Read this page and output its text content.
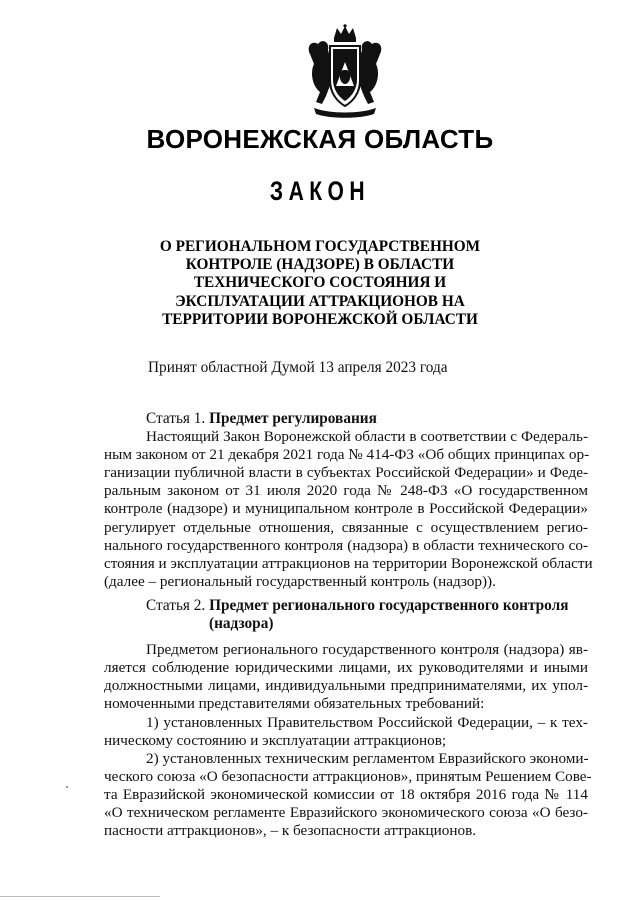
ВОРОНЕЖСКАЯ ОБЛАСТЬ
ЗАКОН
О РЕГИОНАЛЬНОМ ГОСУДАРСТВЕННОМ
КОНТРОЛЕ (НАДЗОРЕ) В ОБЛАСТИ
ТЕХНИЧЕСКОГО СОСТОЯНИЯ И
ЭКСПЛУАТАЦИИ АТТРАКЦИОНОВ НА
ТЕРРИТОРИИ ВОРОНЕЖСКОЙ ОБЛАСТИ
Принят областной Думой 13 апреля 2023 года
Статья 1. Предмет регулирования
Настоящий Закон Воронежской области в соответствии с Федераль-
ным законом от 21 декабря 2021 года № 414-ФЗ «Об общих принципах ор-
ганизации публичной власти в субъектах Российской Федерации» и Феде-
ральным законом от 31 июля 2020 года № 248-ФЗ «О государственном
контроле (надзоре) и муниципальном контроле в Российской Федерации»
регулирует отдельные отношения, связанные с осуществлением регио-
нального государственного контроля (надзора) в области технического со-
стояния и эксплуатации аттракционов на территории Воронежской области
(далее – региональный государственный контроль (надзор)).
Статья 2. Предмет регионального государственного контроля
(надзора)
Предметом регионального государственного контроля (надзора) яв-
ляется соблюдение юридическими лицами, их руководителями и иными
должностными лицами, индивидуальными предпринимателями, их упол-
номоченными представителями обязательных требований:
1) установленных Правительством Российской Федерации, – к тех-
ническому состоянию и эксплуатации аттракционов;
2) установленных техническим регламентом Евразийского экономи-
ческого союза «О безопасности аттракционов», принятым Решением Сове-
та Евразийской экономической комиссии от 18 октября 2016 года № 114
«О техническом регламенте Евразийского экономического союза «О безо-
пасности аттракционов», – к безопасности аттракционов.
